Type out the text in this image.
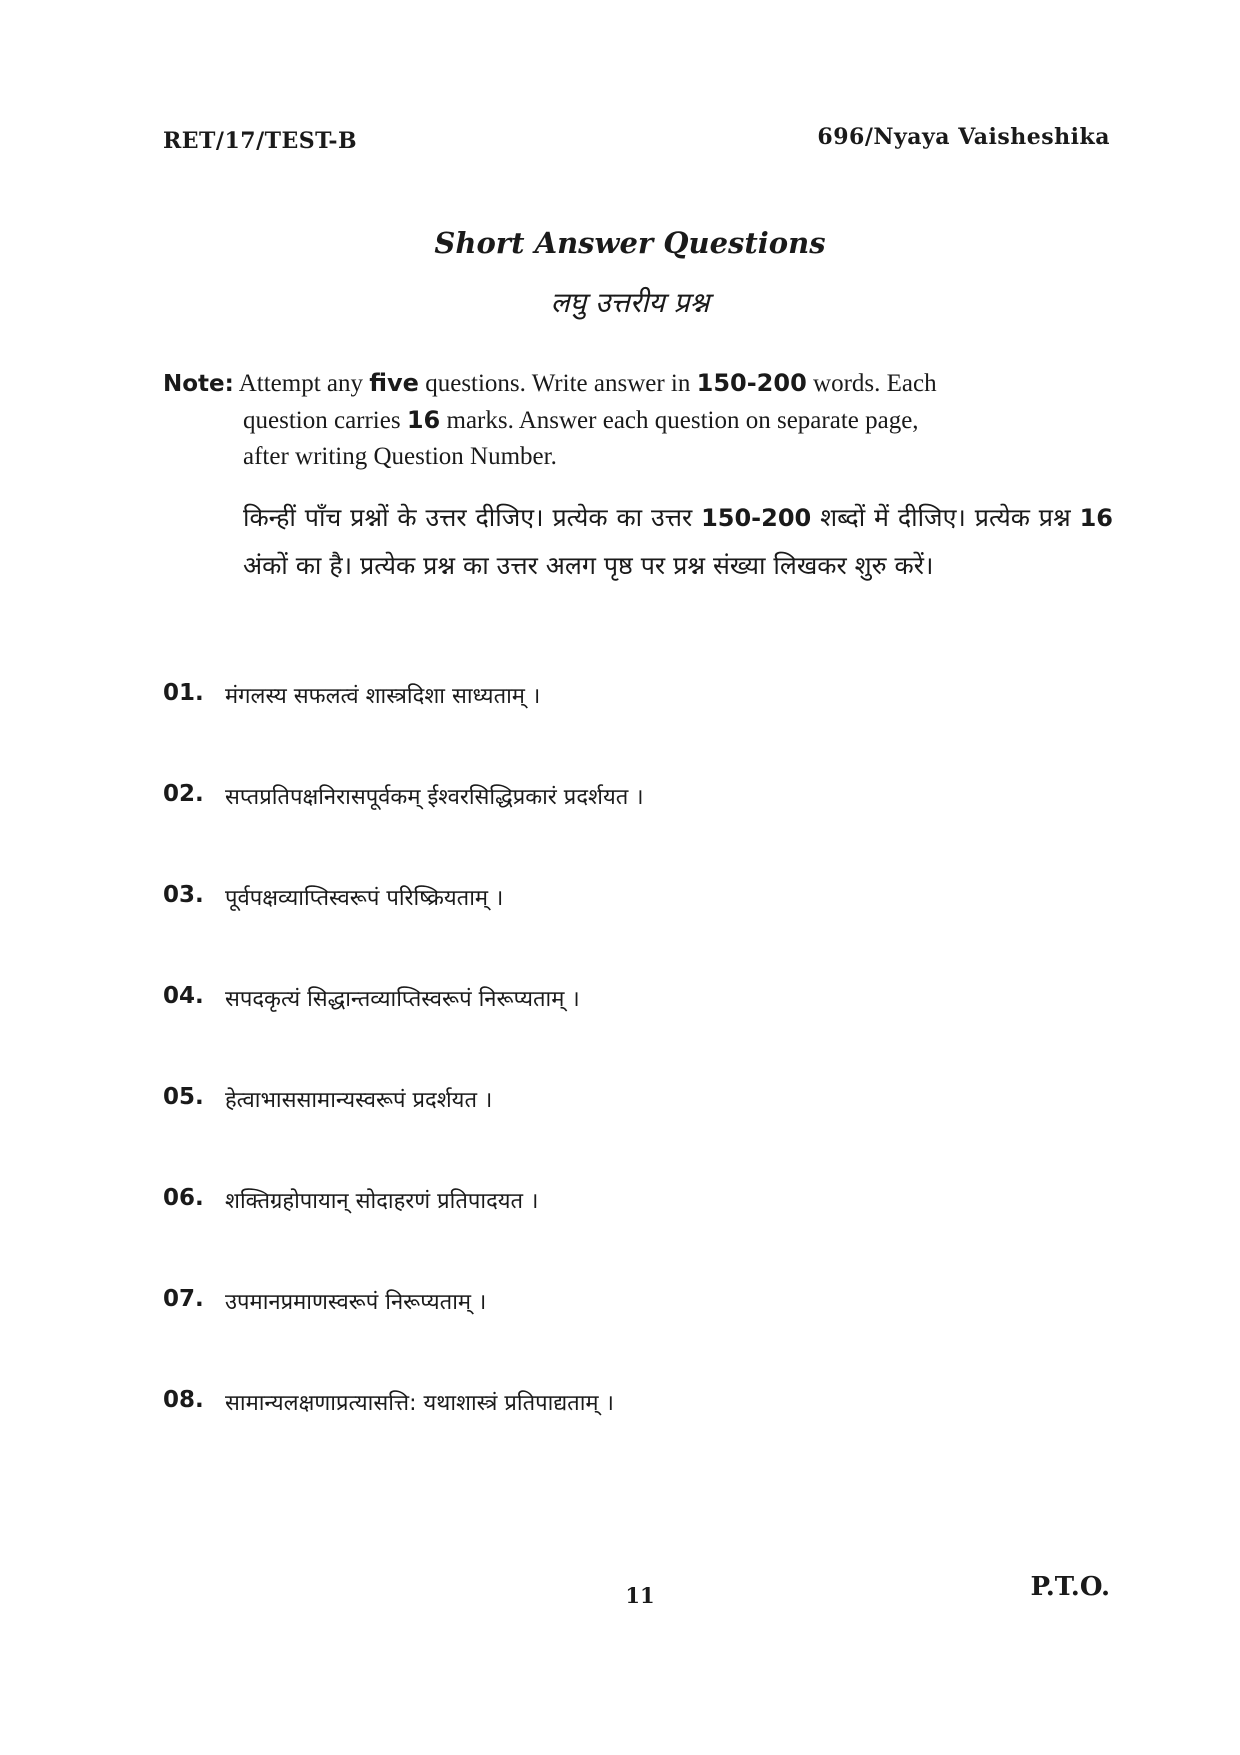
RET/17/TEST-B	696/Nyaya Vaisheshika
Short Answer Questions
लघु उत्तरीय प्रश्न
Note: Attempt any five questions. Write answer in 150-200 words. Each
question carries 16 marks. Answer each question on separate page,
after writing Question Number.
किन्हीं पाँच प्रश्नों के उत्तर दीजिए। प्रत्येक का उत्तर 150-200 शब्दों में दीजिए। प्रत्येक प्रश्न 16 अंकों का है। प्रत्येक प्रश्न का उत्तर अलग पृष्ठ पर प्रश्न संख्या लिखकर शुरु करें।
01. मंगलस्य सफलत्वं शास्त्रदिशा साध्यताम् ।
02. सप्तप्रतिपक्षनिरासपूर्वकम् ईश्वरसिद्धिप्रकारं प्रदर्शयत ।
03. पूर्वपक्षव्याप्तिस्वरूपं परिष्क्रियताम् ।
04. सपदकृत्यं सिद्धान्तव्याप्तिस्वरूपं निरूप्यताम् ।
05. हेत्वाभाससामान्यस्वरूपं प्रदर्शयत ।
06. शक्तिग्रहोपायान् सोदाहरणं प्रतिपादयत ।
07. उपमानप्रमाणस्वरूपं निरूप्यताम् ।
08. सामान्यलक्षणाप्रत्यासत्ति: यथाशास्त्रं प्रतिपाद्यताम् ।
11	P.T.O.
